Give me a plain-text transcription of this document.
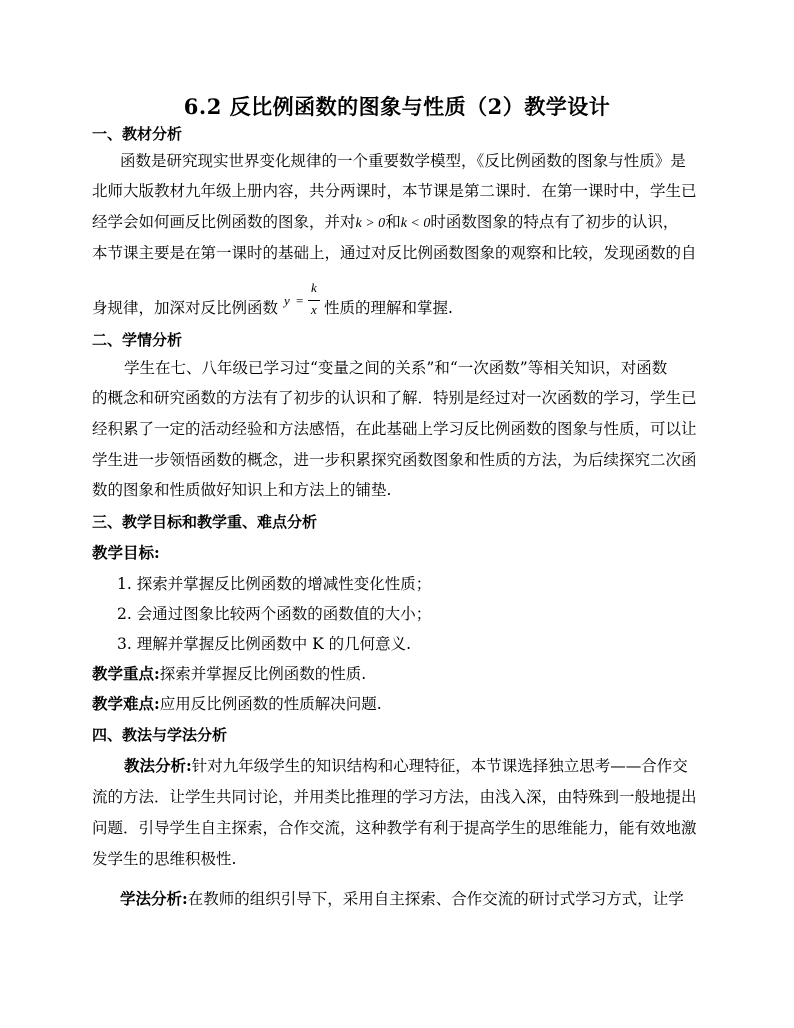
6.2 反比例函数的图象与性质（2）教学设计
一、教材分析
函数是研究现实世界变化规律的一个重要数学模型，《反比例函数的图象与性质》是
北师大版教材九年级上册内容，共分两课时，本节课是第二课时．在第一课时中，学生已
经学会如何画反比例函数的图象，并对k > 0和k < 0时函数图象的特点有了初步的认识，
本节课主要是在第一课时的基础上，通过对反比例函数图象的观察和比较，发现函数的自
身规律，加深对反比例函数 y =
k
x 性质的理解和掌握.
二、学情分析
学生在七、八年级已学习过“变量之间的关系”和“一次函数”等相关知识，对函数
的概念和研究函数的方法有了初步的认识和了解．特别是经过对一次函数的学习，学生已
经积累了一定的活动经验和方法感悟，在此基础上学习反比例函数的图象与性质，可以让
学生进一步领悟函数的概念，进一步积累探究函数图象和性质的方法，为后续探究二次函
数的图象和性质做好知识上和方法上的铺垫.
三、教学目标和教学重、难点分析
教学目标:
1. 探索并掌握反比例函数的增减性变化性质；
2. 会通过图象比较两个函数的函数值的大小；
3. 理解并掌握反比例函数中 K 的几何意义.
教学重点:探索并掌握反比例函数的性质.
教学难点:应用反比例函数的性质解决问题.
四、教法与学法分析
教法分析:针对九年级学生的知识结构和心理特征，本节课选择独立思考——合作交
流的方法．让学生共同讨论，并用类比推理的学习方法，由浅入深，由特殊到一般地提出
问题．引导学生自主探索，合作交流，这种教学有利于提高学生的思维能力，能有效地激
发学生的思维积极性.
学法分析:在教师的组织引导下，采用自主探索、合作交流的研讨式学习方式，让学
